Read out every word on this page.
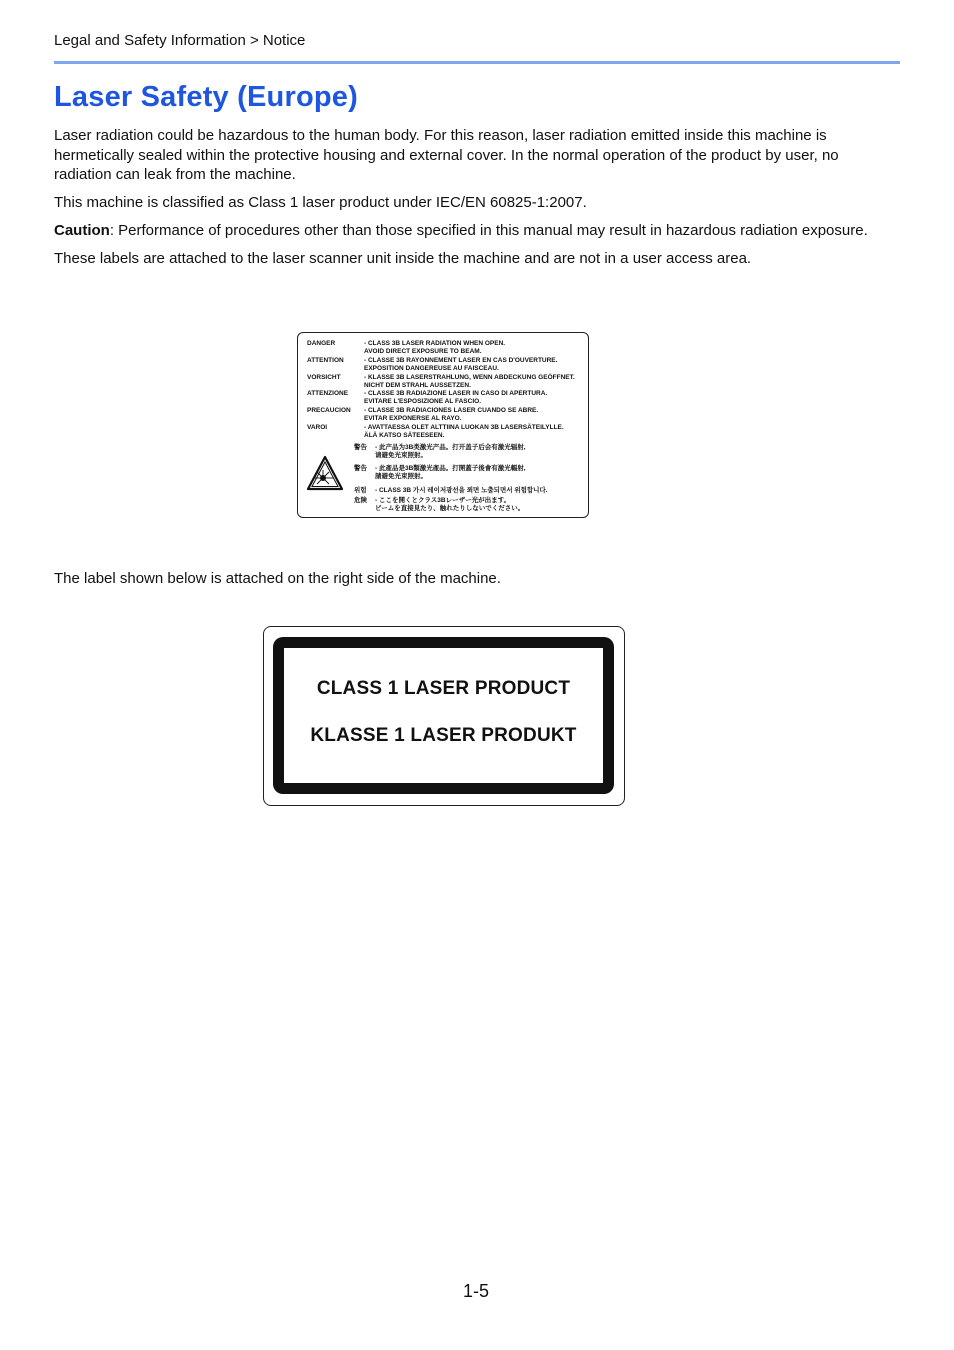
Legal and Safety Information > Notice
Laser Safety (Europe)

Laser radiation could be hazardous to the human body. For this reason, laser radiation emitted inside this machine is hermetically sealed within the protective housing and external cover. In the normal operation of the product by user, no radiation can leak from the machine.

This machine is classified as Class 1 laser product under IEC/EN 60825-1:2007.

Caution: Performance of procedures other than those specified in this manual may result in hazardous radiation exposure.

These labels are attached to the laser scanner unit inside the machine and are not in a user access area.

DANGER	- CLASS 3B LASER RADIATION WHEN OPEN.
AVOID DIRECT EXPOSURE TO BEAM.
ATTENTION	- CLASSE 3B RAYONNEMENT LASER EN CAS D'OUVERTURE.
EXPOSITION DANGEREUSE AU FAISCEAU.
VORSICHT	- KLASSE 3B LASERSTRAHLUNG, WENN ABDECKUNG GEÖFFNET.
NICHT DEM STRAHL AUSSETZEN.
ATTENZIONE - CLASSE 3B RADIAZIONE LASER IN CASO DI APERTURA.
EVITARE L'ESPOSIZIONE AL FASCIO.
PRECAUCION - CLASSE 3B RADIACIONES LASER CUANDO SE ABRE.
EVITAR EXPONERSE AL RAYO.
VAROI	- AVATTAESSA OLET ALTTIINA LUOKAN 3B LASERSÄTEILYLLE.
ÄLÄ KATSO SÄTEESEEN.
警告 - 此产品为3B类激光产品。打开盖子后会有激光辐射,
请避免光束照射。
警告 - 此產品是3B類激光產品。打開蓋子後會有激光輻射,
請避免光束照射。
위험 - CLASS 3B 가시 레이저광선을 쬐면 노출되면서 위험합니다.
危険 - ここを開くとクラス3Bレーザー光が出ます。
ビームを直接見たり、触れたりしないでください。
The label shown below is attached on the right side of the machine.
CLASS 1 LASER PRODUCT
KLASSE 1 LASER PRODUKT
1-5
